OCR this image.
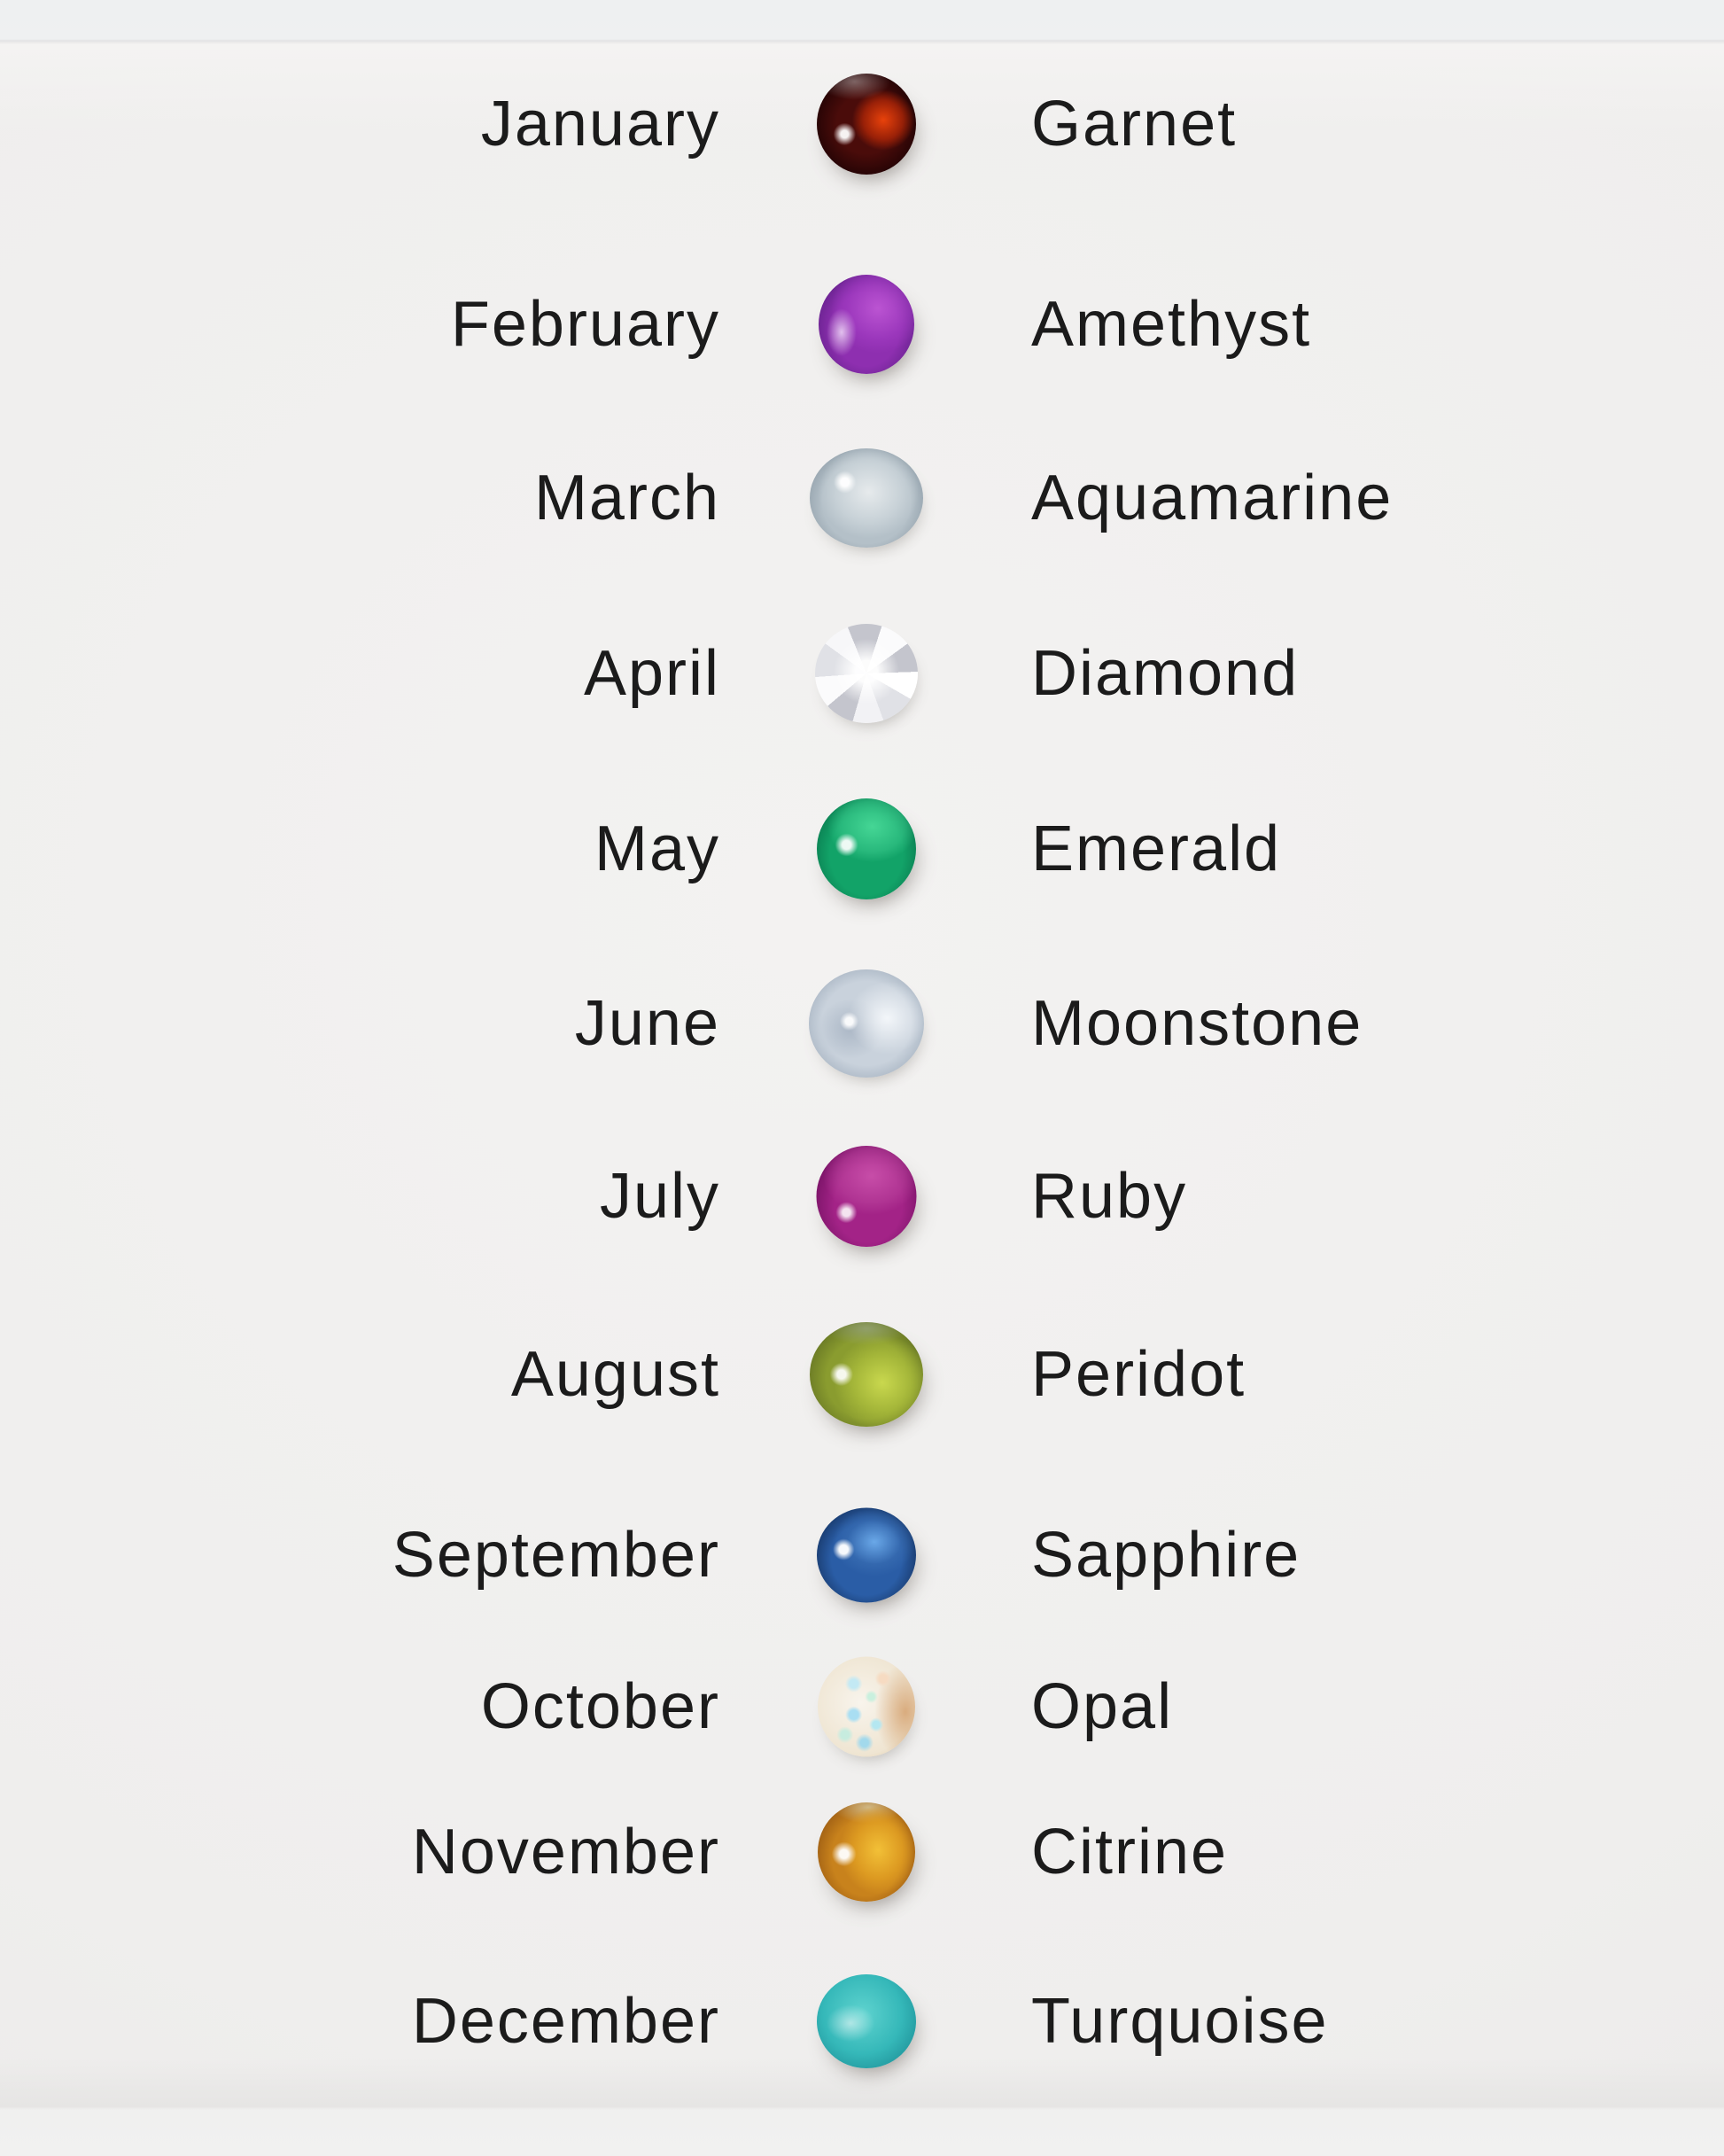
January	Garnet
February	Amethyst
March	Aquamarine
April	Diamond
May	Emerald
June	Moonstone
July	Ruby
August	Peridot
September	Sapphire
October	Opal
November	Citrine
December	Turquoise
